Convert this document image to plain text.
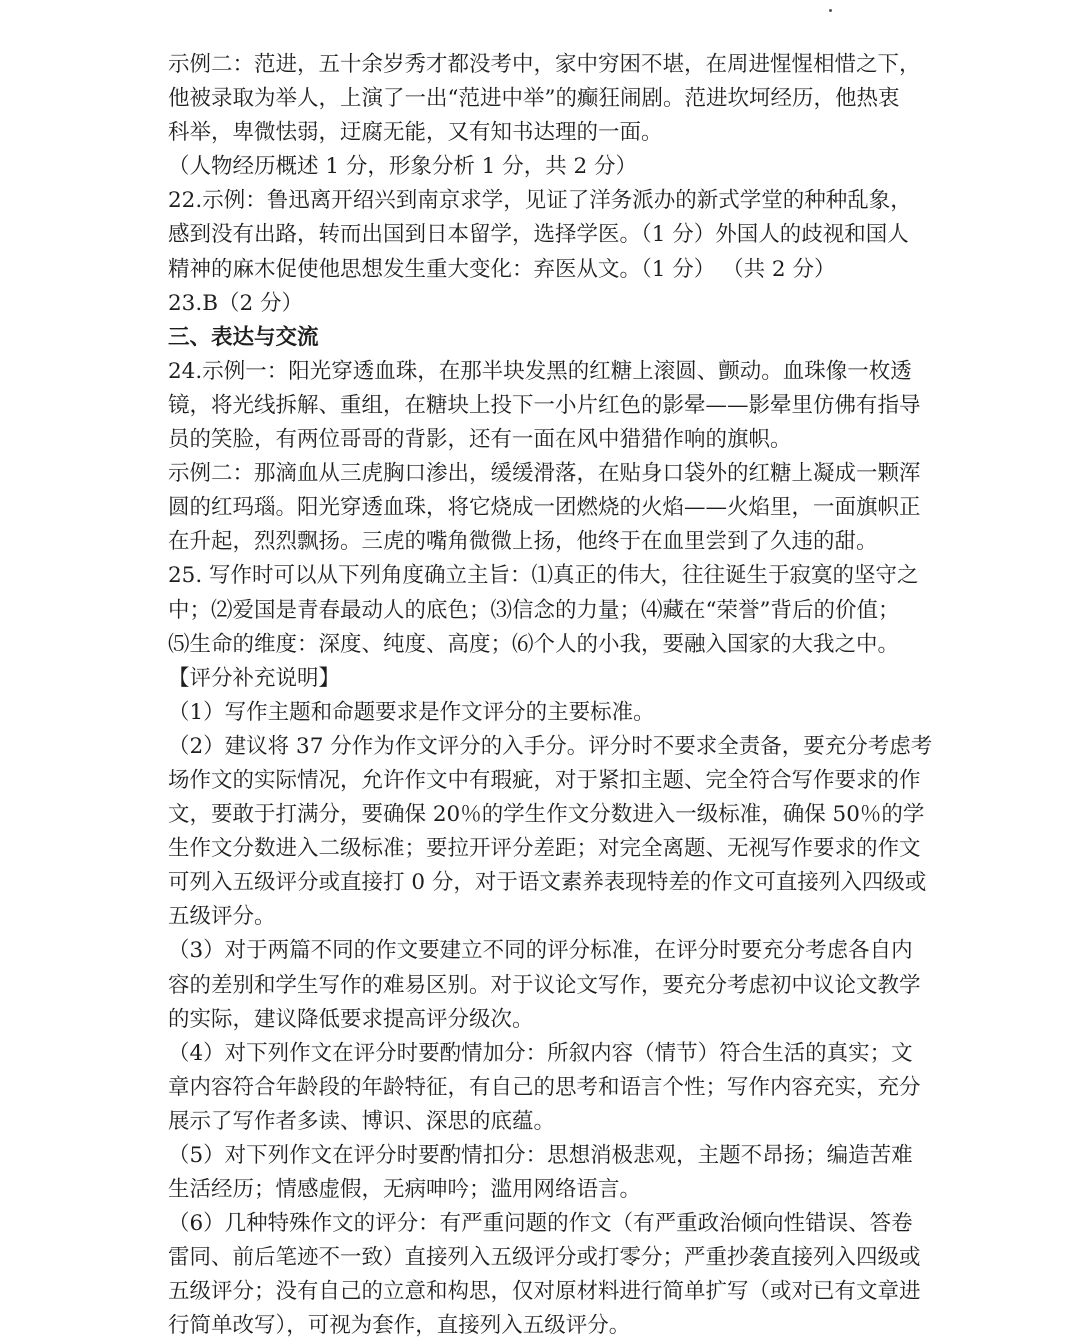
示例二：范进，五十余岁秀才都没考中，家中穷困不堪，在周进惺惺相惜之下，
他被录取为举人，上演了一出“范进中举”的癫狂闹剧。范进坎坷经历，他热衷
科举，卑微怯弱，迂腐无能，又有知书达理的一面。
（人物经历概述 1 分，形象分析 1 分，共 2 分）
22.示例：鲁迅离开绍兴到南京求学，见证了洋务派办的新式学堂的种种乱象，
感到没有出路，转而出国到日本留学，选择学医。（1 分）外国人的歧视和国人
精神的麻木促使他思想发生重大变化：弃医从文。（1 分） （共 2 分）
23.B（2 分）
三、表达与交流
24.示例一：阳光穿透血珠，在那半块发黑的红糖上滚圆、颤动。血珠像一枚透
镜，将光线拆解、重组，在糖块上投下一小片红色的影晕——影晕里仿佛有指导
员的笑脸，有两位哥哥的背影，还有一面在风中猎猎作响的旗帜。
示例二：那滴血从三虎胸口渗出，缓缓滑落，在贴身口袋外的红糖上凝成一颗浑
圆的红玛瑙。阳光穿透血珠，将它烧成一团燃烧的火焰——火焰里，一面旗帜正
在升起，烈烈飘扬。三虎的嘴角微微上扬，他终于在血里尝到了久违的甜。
25. 写作时可以从下列角度确立主旨：⑴真正的伟大，往往诞生于寂寞的坚守之
中；⑵爱国是青春最动人的底色；⑶信念的力量；⑷藏在“荣誉”背后的价值；
⑸生命的维度：深度、纯度、高度；⑹个人的小我，要融入国家的大我之中。
【评分补充说明】
（1）写作主题和命题要求是作文评分的主要标准。
（2）建议将 37 分作为作文评分的入手分。评分时不要求全责备，要充分考虑考
场作文的实际情况，允许作文中有瑕疵，对于紧扣主题、完全符合写作要求的作
文，要敢于打满分，要确保 20％的学生作文分数进入一级标准，确保 50％的学
生作文分数进入二级标准；要拉开评分差距；对完全离题、无视写作要求的作文
可列入五级评分或直接打 0 分，对于语文素养表现特差的作文可直接列入四级或
五级评分。
（3）对于两篇不同的作文要建立不同的评分标准，在评分时要充分考虑各自内
容的差别和学生写作的难易区别。对于议论文写作，要充分考虑初中议论文教学
的实际，建议降低要求提高评分级次。
（4）对下列作文在评分时要酌情加分：所叙内容（情节）符合生活的真实；文
章内容符合年龄段的年龄特征，有自己的思考和语言个性；写作内容充实，充分
展示了写作者多读、博识、深思的底蕴。
（5）对下列作文在评分时要酌情扣分：思想消极悲观，主题不昂扬；编造苦难
生活经历；情感虚假，无病呻吟；滥用网络语言。
（6）几种特殊作文的评分：有严重问题的作文（有严重政治倾向性错误、答卷
雷同、前后笔迹不一致）直接列入五级评分或打零分；严重抄袭直接列入四级或
五级评分；没有自己的立意和构思，仅对原材料进行简单扩写（或对已有文章进
行简单改写），可视为套作，直接列入五级评分。
